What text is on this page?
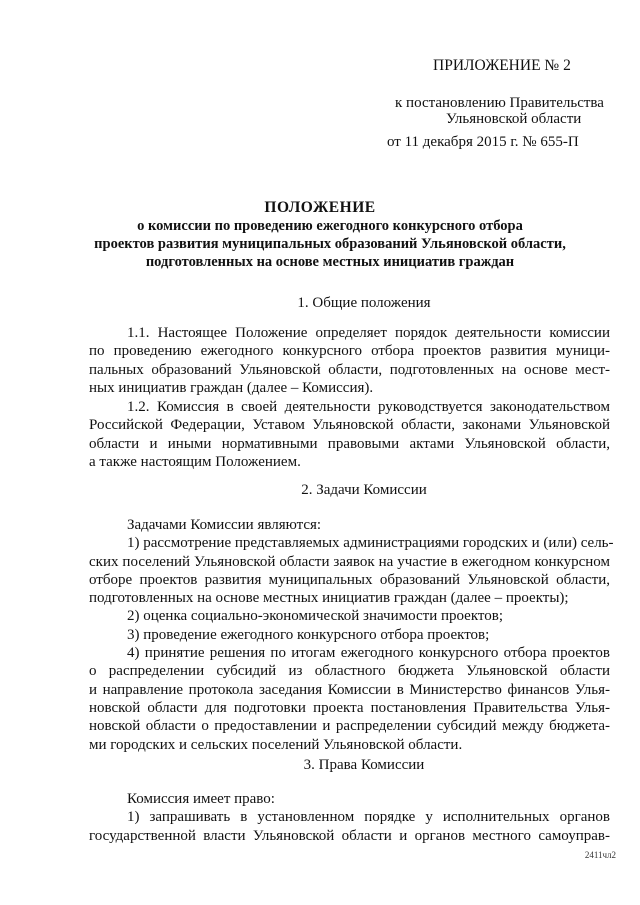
ПРИЛОЖЕНИЕ № 2
к постановлению Правительства
Ульяновской области
от 11 декабря 2015 г. № 655-П
ПОЛОЖЕНИЕ
о комиссии по проведению ежегодного конкурсного отбора
проектов развития муниципальных образований Ульяновской области,
подготовленных на основе местных инициатив граждан
1. Общие положения
1.1. Настоящее Положение определяет порядок деятельности комиссии
по проведению ежегодного конкурсного отбора проектов развития муници-
пальных образований Ульяновской области, подготовленных на основе мест-
ных инициатив граждан (далее – Комиссия).
1.2. Комиссия в своей деятельности руководствуется законодательством
Российской Федерации, Уставом Ульяновской области, законами Ульяновской
области и иными нормативными правовыми актами Ульяновской области,
а также настоящим Положением.
2. Задачи Комиссии
Задачами Комиссии являются:
1) рассмотрение представляемых администрациями городских и (или) сель-
ских поселений Ульяновской области заявок на участие в ежегодном конкурсном
отборе проектов развития муниципальных образований Ульяновской области,
подготовленных на основе местных инициатив граждан (далее – проекты);
2) оценка социально-экономической значимости проектов;
3) проведение ежегодного конкурсного отбора проектов;
4) принятие решения по итогам ежегодного конкурсного отбора проектов
о распределении субсидий из областного бюджета Ульяновской области
и направление протокола заседания Комиссии в Министерство финансов Улья-
новской области для подготовки проекта постановления Правительства Улья-
новской области о предоставлении и распределении субсидий между бюджета-
ми городских и сельских поселений Ульяновской области.
3. Права Комиссии
Комиссия имеет право:
1) запрашивать в установленном порядке у исполнительных органов
государственной власти Ульяновской области и органов местного самоуправ-
2411чл2
